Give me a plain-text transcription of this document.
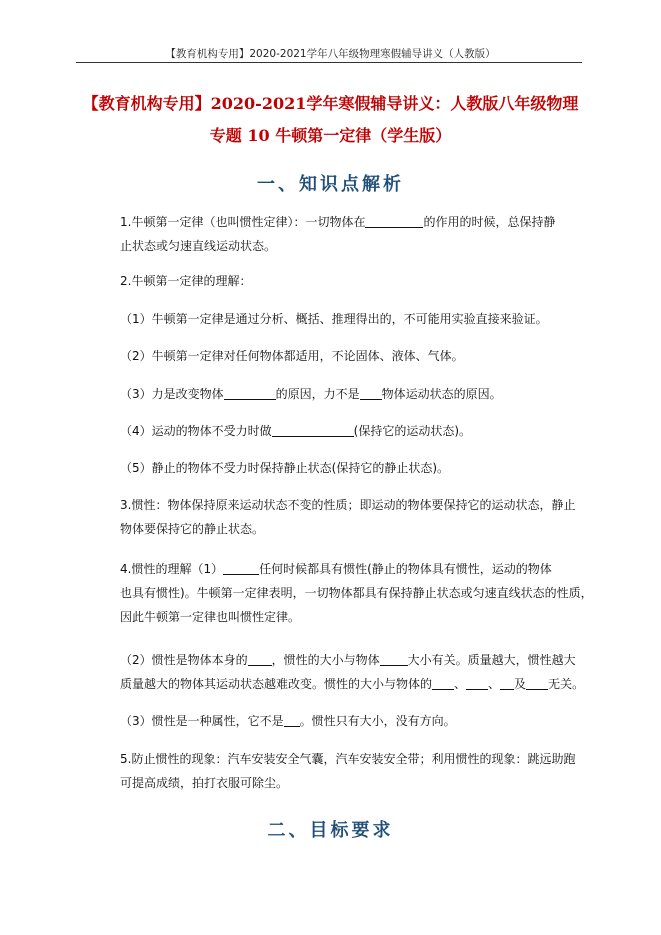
【教育机构专用】2020-2021学年八年级物理寒假辅导讲义（人教版）
【教育机构专用】2020-2021学年寒假辅导讲义：人教版八年级物理
专题 10 牛顿第一定律（学生版）
一、知识点解析

1.牛顿第一定律（也叫惯性定律）：一切物体在	的作用的时候，总保持静

止状态或匀速直线运动状态。

2.牛顿第一定律的理解：

（1）牛顿第一定律是通过分析、概括、推理得出的，不可能用实验直接来验证。

（2）牛顿第一定律对任何物体都适用，不论固体、液体、气体。

（3）力是改变物体	的原因，力不是 物体运动状态的原因。

（4）运动的物体不受力时做	(保持它的运动状态)。

（5）静止的物体不受力时保持静止状态(保持它的静止状态)。

3.惯性：物体保持原来运动状态不变的性质；即运动的物体要保持它的运动状态，静止

物体要保持它的静止状态。

4.惯性的理解（1）	任何时候都具有惯性(静止的物体具有惯性，运动的物体

也具有惯性)。牛顿第一定律表明，一切物体都具有保持静止状态或匀速直线状态的性质，

因此牛顿第一定律也叫惯性定律。

（2）惯性是物体本身的 ，惯性的大小与物体 大小有关。质量越大，惯性越大

质量越大的物体其运动状态越难改变。惯性的大小与物体的 、 、 及 无关。

（3）惯性是一种属性，它不是 。惯性只有大小，没有方向。

5.防止惯性的现象：汽车安装安全气囊，汽车安装安全带；利用惯性的现象：跳远助跑

可提高成绩，拍打衣服可除尘。

二、目标要求
